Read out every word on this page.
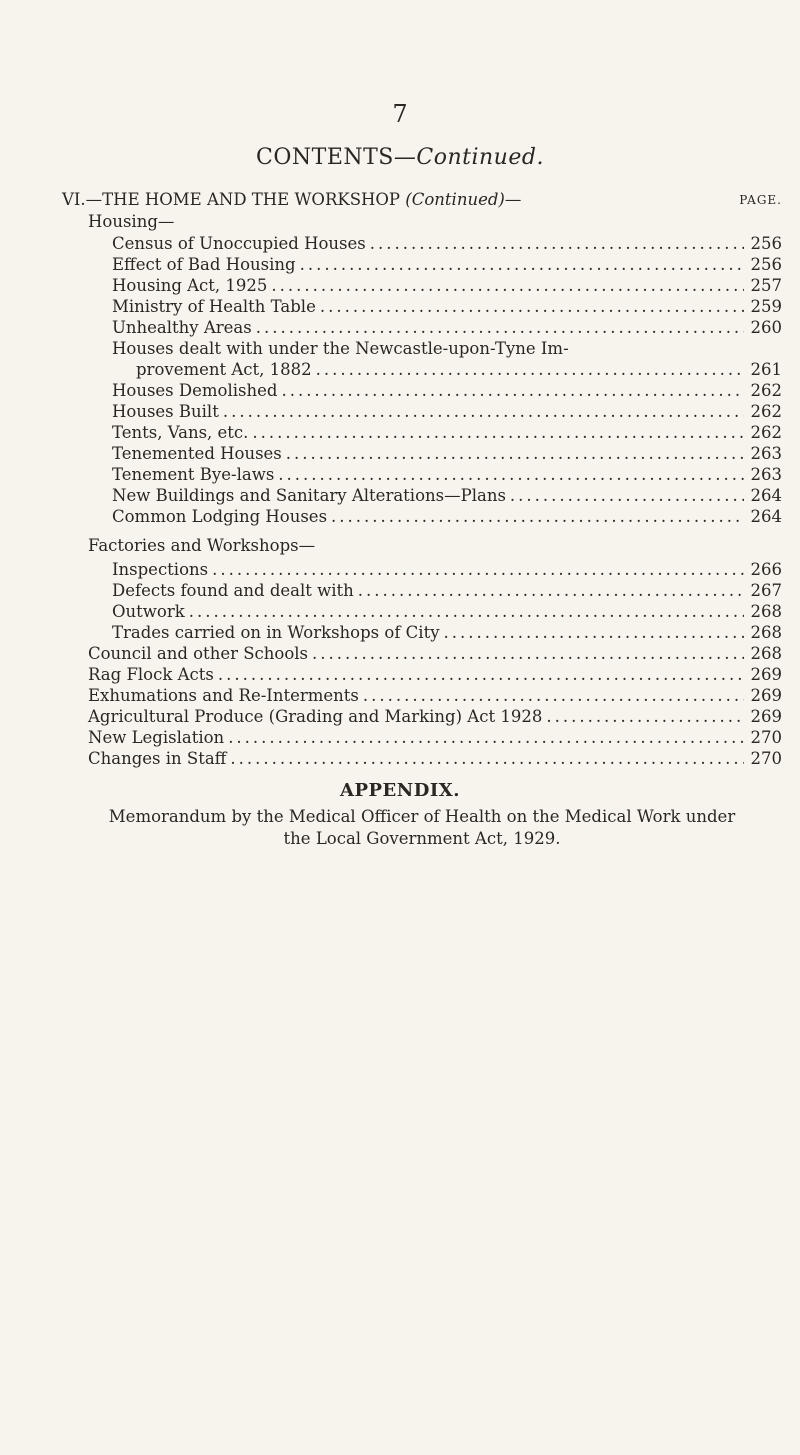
7
CONTENTS—Continued.
VI.—THE HOME AND THE WORKSHOP (Continued)—	PAGE.
Housing—
Census of Unoccupied Houses .....	256
Effect of Bad Housing .....	256
Housing Act, 1925 .....	257
Ministry of Health Table .....	259
Unhealthy Areas .....	260
Houses dealt with under the Newcastle-upon-Tyne Im-
provement Act, 1882 .....	261
Houses Demolished .....	262
Houses Built .....	262
Tents, Vans, etc. .....	262
Tenemented Houses .....	263
Tenement Bye-laws .....	263
New Buildings and Sanitary Alterations—Plans .....	264
Common Lodging Houses .....	264
Factories and Workshops—
Inspections .....	266
Defects found and dealt with .....	267
Outwork .....	268
Trades carried on in Workshops of City .....	268
Council and other Schools .....	268
Rag Flock Acts .....	269
Exhumations and Re-Interments .....	269
Agricultural Produce (Grading and Marking) Act 1928 .....	269
New Legislation .....	270
Changes in Staff .....	270
APPENDIX.
Memorandum by the Medical Officer of Health on the Medical Work under
the Local Government Act, 1929.
